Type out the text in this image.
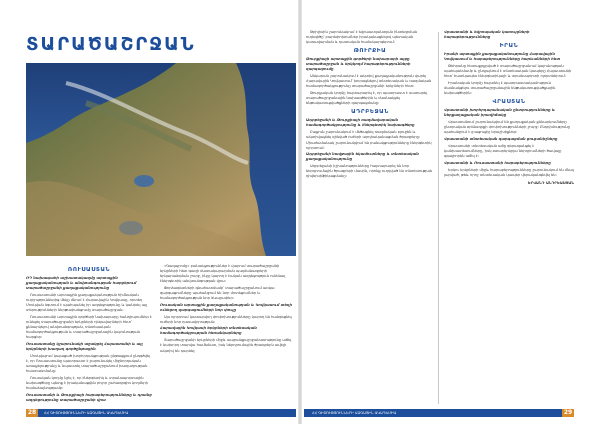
ՏԱՐԱԾԱՇՐՋԱՆ
ՌՈՒՍԱՍՏԱՆ
ՌԴ նախագահի աշխատակազմը արտաքին քաղաքականության և անվտանգության հարցերում տարածաշրջանի քաղաքականությունը

Ռուսաստանի արտաքին քաղաքականության հիմնական ուղղություններից մեկը մնում է Հարավային Կովկասը, որտեղ Մոսկվան ձգտում է պահպանել իր ազդեցությունը և կանխել այլ տերությունների ներթափանցումը տարածաշրջան։

Ռուսաստանի արտաքին գործերի նախարարը հանդիպումներ է ունեցել տարածաշրջանի երկրների ղեկավարների հետ՝ քննարկելով անվտանգության, տնտեսական համագործակցության և տարածաշրջանային կայունության հարցեր։

Ռուսաստանը կշարունակի աջակցել Հայաստանի և այլ երկրների խաղաղ գործընթացին

Մոսկվայում կայացած խորհրդակցության ընթացքում ընդգծվել է, որ Ռուսաստանը պատրաստ է շարունակել միջնորդական առաքելությունը և նպաստել տարածաշրջանում խաղաղության հաստատմանը։

Ռուսական կողմը նշել է, որ էներգետիկ և տրանսպորտային նախագծերը պետք է իրականացվեն բոլոր շահագրգիռ կողմերի համաձայնությամբ։

Ռուսաստանի և Թուրքիայի հարաբերությունները և դրանց ազդեցությունը տարածաշրջանի վրա

«Գազպրոմը» բանակցություններ է վարում տարածաշրջանի երկրների հետ գազի մատակարարման պայմանագրերի երկարաձգման շուրջ, ինչը կարող է էական ազդեցություն ունենալ էներգետիկ անվտանգության վրա։

Փորձագետների գնահատմամբ՝ տարածաշրջանում առկա զարգացումները պահանջում են նոր մոտեցումներ և համագործակցության նոր ձևաչափեր։

Ռուսական արտաքին քաղաքականության և Կովկասում տեղի ունեցող զարգացումների նոր փուլը

Այս ոլորտում կատարվող փոփոխությունները կարող են հանգեցնել ուժերի նոր դասավորության։

Հարավային Կովկասի երկրների տնտեսական համագործակցության հեռանկարները

Տարածաշրջանի երկրների միջև ապրանքաշրջանառությունը աճել է նախորդ տարվա համեմատ, իսկ ներդրումային ծրագրերն ավելի ակտիվ են դարձել։

Թբիլիսին շարունակում է եվրաատլանտյան ինտեգրման ուղեգիծը՝ բարեփոխումներ իրականացնելով պետական կառավարման և դատական համակարգերում։

ԹՈՒՐՔԻԱ
Թուրքիայի արտաքին գործերի նախարարի այցը տարածաշրջան և երկկողմ հարաբերությունների զարգացումը

Անկարան շարունակում է ակտիվ քաղաքականություն վարել Հարավային Կովկասում՝ խորացնելով տնտեսական և ռազմական համագործակցությունը տարածաշրջանի երկրների հետ։

Թուրքական կողմը հայտարարել է, որ պատրաստ է սատարել տարածաշրջանային նախագծերին և մասնակցել ենթակառուցվածքների զարգացմանը։

ԱԴՐԲԵՋԱՆ
Ադրբեջանի և Թուրքիայի ռազմավարական համագործակցությունը և էներգետիկ նախագծերը

Բաքուն շարունակում է մեծացնել ռազմական բյուջեն և ակտիվացնել զինված ուժերի արդիականացման ծրագրերը։ Միաժամանակ շարունակվում են բանակցությունները էներգետիկ ոլորտում։

Ադրբեջանի նավթային եկամուտները և տնտեսական քաղաքականությունը

Ադրբեջանի իշխանությունները հայտարարել են նոր ներդրումային ծրագրերի մասին, որոնք ուղղված են տնտեսության դիվերսիֆիկացմանը։

Վրաստանի և եվրոպական կառույցների հարաբերությունները
ԻՐԱՆ
Իրանի արտաքին քաղաքականությունը Հարավային Կովկասում և հարաբերությունները հարևանների հետ

Թեհրանը հետաքրքրված է տարածաշրջանում կայունության պահպանմամբ և ընդլայնում է տնտեսական կապերը Հայաստանի հետ՝ հատկապես էներգետիկայի և տրանսպորտի ոլորտներում։

Իրանական կողմը հայտնել է պատրաստակամություն մասնակցելու տարածաշրջանային ենթակառուցվածքային նախագծերին։

ՎՐԱՍՏԱՆ
Վրաստանի խորհրդարանական ընտրությունները և ներքաղաքական իրավիճակը

Վրաստանում շարունակվում են քաղաքական քննարկումները ընտրական օրենսգրքի փոփոխությունների շուրջ։ Ընդդիմությունը պահանջում է լրացուցիչ երաշխիքներ։

Վրաստանի տնտեսական զարգացման ցուցանիշները

Վրաստանի տնտեսական աճը գերազանցել է կանխատեսումները, իսկ օտարերկրյա ներդրումների ծավալը զգալիորեն աճել է։

Վրաստանի և Ռուսաստանի հարաբերությունները

Երկու երկրների միջև հարաբերությունները շարունակում են մնալ լարված, թեև որոշ տնտեսական կապեր վերականգնվել են։

ԵՐՎԱՆԴ ԱՆԴՐԵԱՍՅԱՆ
28	ՀՀ ԳԻՏՈՒԹՅՈՒՆՆԵՐԻ ԱԶԳԱՅԻՆ ԱԿԱԴԵՄԻԱ	ՀՀ ԳԻՏՈՒԹՅՈՒՆՆԵՐԻ ԱԶԳԱՅԻՆ ԱԿԱԴԵՄԻԱ	29
